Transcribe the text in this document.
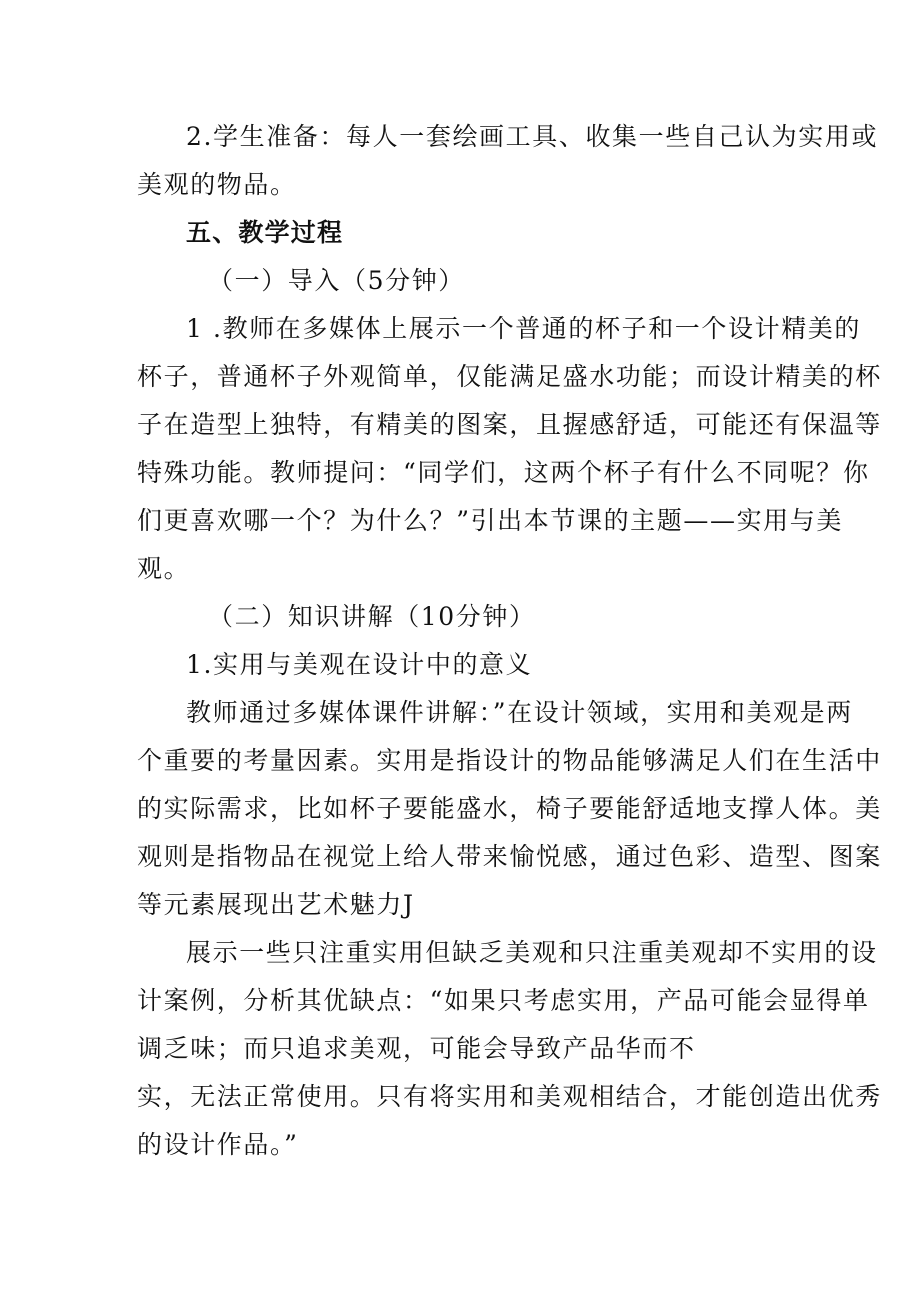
2.学生准备：每人一套绘画工具、收集一些自己认为实用或
美观的物品。
五、教学过程
（一）导入（5分钟）
1 .教师在多媒体上展示一个普通的杯子和一个设计精美的
杯子，普通杯子外观简单，仅能满足盛水功能；而设计精美的杯
子在造型上独特，有精美的图案，且握感舒适，可能还有保温等
特殊功能。教师提问：“同学们，这两个杯子有什么不同呢？你
们更喜欢哪一个？为什么？”引出本节课的主题——实用与美
观。
（二）知识讲解（10分钟）
1.实用与美观在设计中的意义
教师通过多媒体课件讲解：”在设计领域，实用和美观是两
个重要的考量因素。实用是指设计的物品能够满足人们在生活中
的实际需求，比如杯子要能盛水，椅子要能舒适地支撑人体。美
观则是指物品在视觉上给人带来愉悦感，通过色彩、造型、图案
等元素展现出艺术魅力J
展示一些只注重实用但缺乏美观和只注重美观却不实用的设
计案例，分析其优缺点：“如果只考虑实用，产品可能会显得单
调乏味；而只追求美观，可能会导致产品华而不
实，无法正常使用。只有将实用和美观相结合，才能创造出优秀
的设计作品。”
